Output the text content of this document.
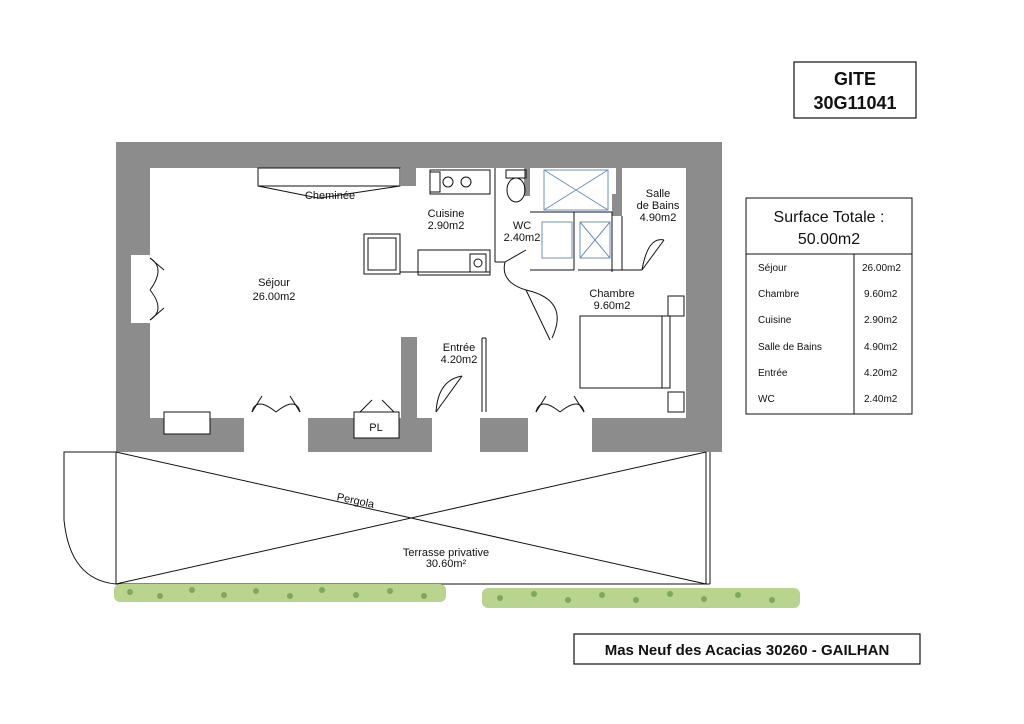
Cheminée
Cuisine
2.90m2	WC
2.40m2
Salle
de Bains
4.90m2
Séjour
26.00m2	Chambre
9.60m2
Entrée
4.20m2
PL
Pergola
Terrasse privative
30.60m²
GITE
30G11041
Surface Totale :
50.00m2
Séjour	26.00m2
Chambre	9.60m2
Cuisine	2.90m2
Salle de Bains	4.90m2
Entrée	4.20m2
WC	2.40m2
Mas Neuf des Acacias 30260 - GAILHAN
